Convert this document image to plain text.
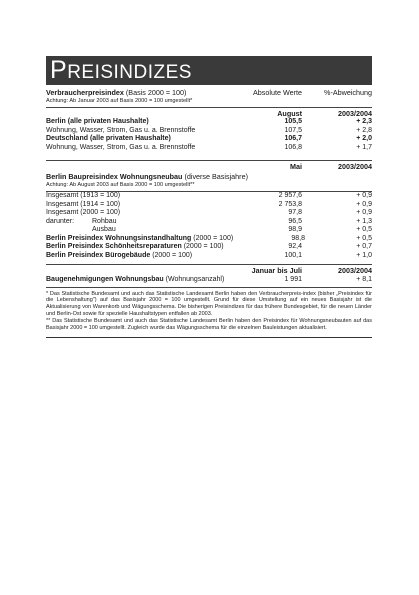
PREISINDIZES
Verbraucherpreisindex (Basis 2000 = 100)	Absolute Werte	%-Abweichung
Achtung: Ab Januar 2003 auf Basis 2000 = 100 umgestellt*
August	2003/2004
Berlin (alle privaten Haushalte)	105,5	+ 2,3
Wohnung, Wasser, Strom, Gas u. a. Brennstoffe	107,5	+ 2,8
Deutschland (alle privaten Haushalte)	106,7	+ 2,0
Wohnung, Wasser, Strom, Gas u. a. Brennstoffe	106,8	+ 1,7
Mai	2003/2004
Berlin Baupreisindex Wohnungsneubau (diverse Basisjahre)
Achtung: Ab August 2003 auf Basis 2000 = 100 umgestellt**
Insgesamt (1913 = 100)	2 957,6	+ 0,9
Insgesamt (1914 = 100)	2 753,8	+ 0,9
Insgesamt (2000 = 100)	97,8	+ 0,9
darunter:	Rohbau	96,5	+ 1,3
Ausbau	98,9	+ 0,5
Berlin Preisindex Wohnungsinstandhaltung (2000 = 100)	98,8	+ 0,5
Berlin Preisindex Schönheitsreparaturen (2000 = 100)	92,4	+ 0,7
Berlin Preisindex Bürogebäude (2000 = 100)	100,1	+ 1,0
Januar bis Juli	2003/2004
Baugenehmigungen Wohnungsbau (Wohnungsanzahl)	1 991	+ 8,1
* Das Statistische Bundesamt und auch das Statistische Landesamt Berlin haben den Verbraucherpreis-index (bisher „Preisindex für die Lebenshaltung") auf das Basisjahr 2000 = 100 umgestellt. Grund für diese Umstellung auf ein neues Basisjahr ist die Aktualisierung von Warenkorb und Wägungsschema. Die bisherigen Preisindizes für das frühere Bundesgebiet, für die neuen Länder und Berlin-Ost sowie für spezielle Haushaltstypen entfallen ab 2003.
** Das Statistische Bundesamt und auch das Statistische Landesamt Berlin haben den Preisindex für Wohnungsneubauten auf das Basisjahr 2000 = 100 umgestellt. Zugleich wurde das Wägungsschema für die einzelnen Bauleistungen aktualisiert.
